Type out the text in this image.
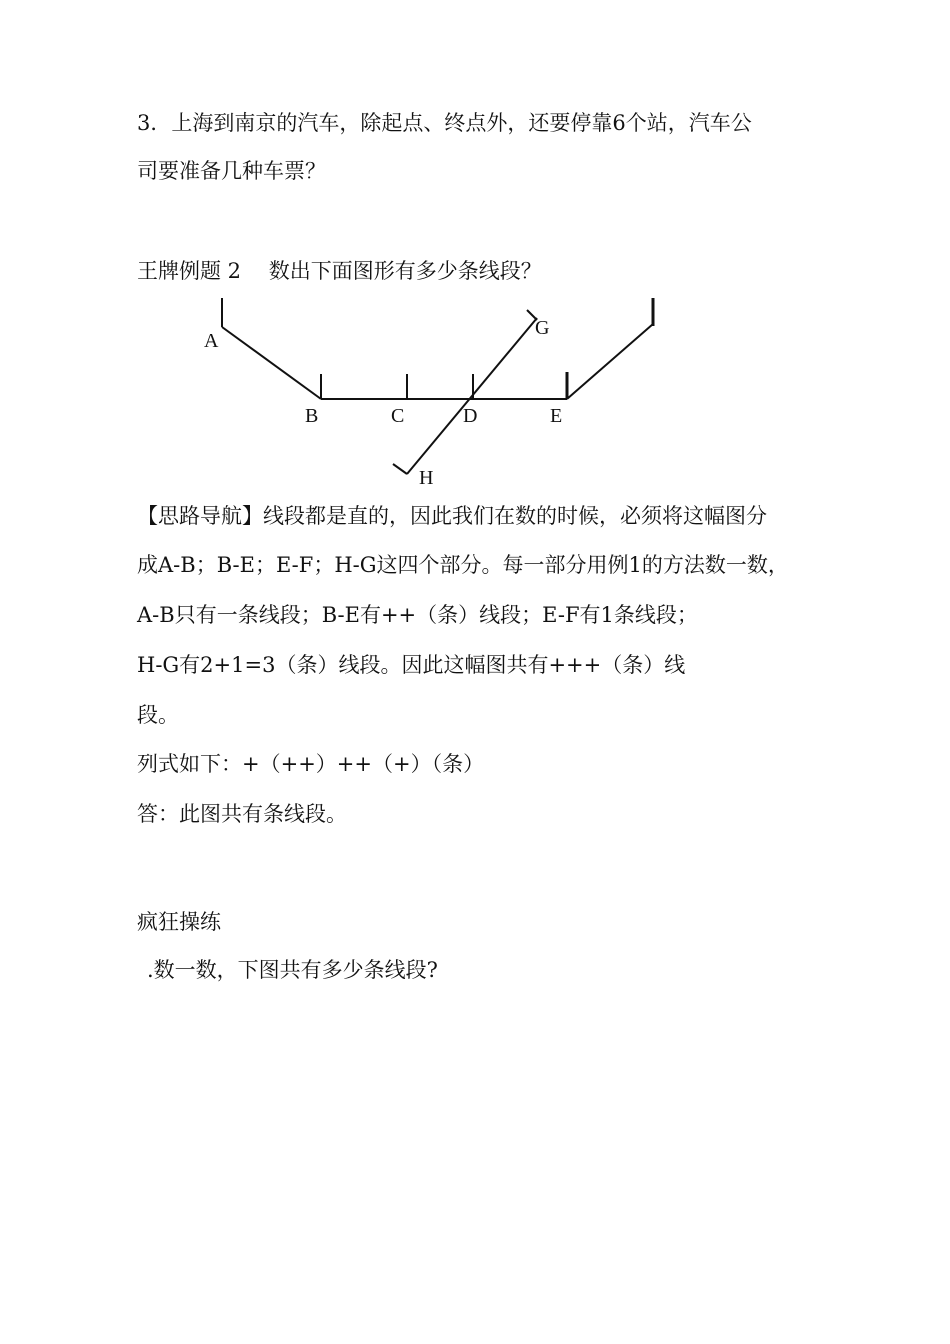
3．上海到南京的汽车，除起点、终点外，还要停靠6个站，汽车公
司要准备几种车票？
王牌例题 2　 数出下面图形有多少条线段？
A
B	C	D	E
G
H
【思路导航】线段都是直的，因此我们在数的时候，必须将这幅图分
成A-B；B-E；E-F；H-G这四个部分。每一部分用例1的方法数一数，
A-B只有一条线段；B-E有++（条）线段；E-F有1条线段；
H-G有2+1=3（条）线段。因此这幅图共有+++（条）线
段。
列式如下：+（++）++（+）（条）
答：此图共有条线段。
疯狂操练
.数一数，下图共有多少条线段?
